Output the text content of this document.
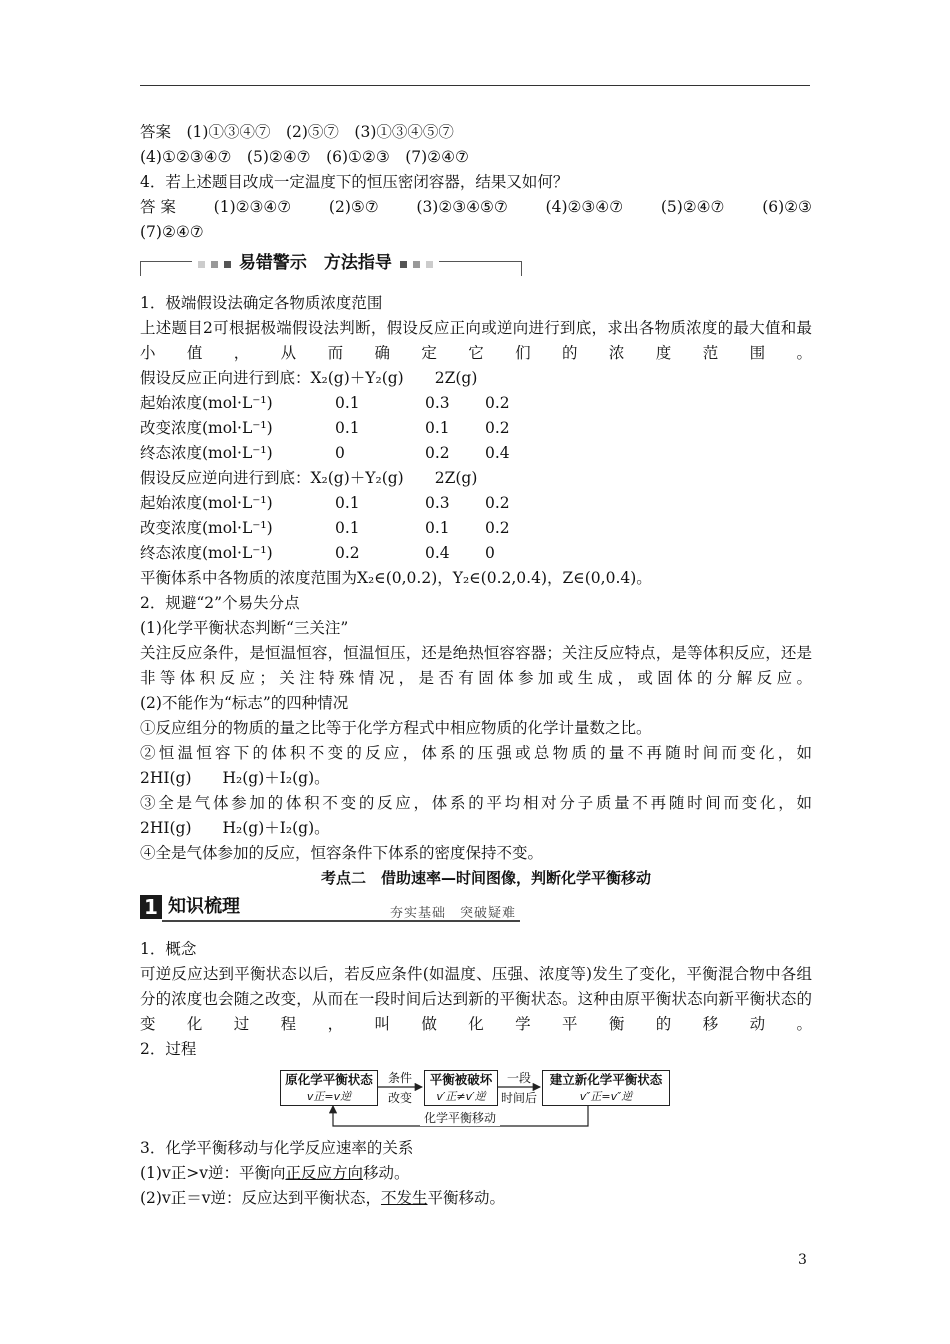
答案　(1)①③④⑦　(2)⑤⑦　(3)①③④⑤⑦
(4)①②③④⑦　(5)②④⑦　(6)①②③　(7)②④⑦
4．若上述题目改成一定温度下的恒压密闭容器，结果又如何？
答 案 (1)②③④⑦ (2)⑤⑦ (3)②③④⑤⑦ (4)②③④⑦ (5)②④⑦ (6)②③
(7)②④⑦

易错警示　方法指导

1．极端假设法确定各物质浓度范围
上述题目2可根据极端假设法判断，假设反应正向或逆向进行到底，求出各物质浓度的最大值和最小值，从而确定它们的浓度范围。
假设反应正向进行到底：X₂(g)＋Y₂(g)　　2Z(g)
起始浓度(mol·L⁻¹)	0.1	0.3 0.2
改变浓度(mol·L⁻¹)	0.1	0.1 0.2
终态浓度(mol·L⁻¹)	0	0.2 0.4
假设反应逆向进行到底：X₂(g)＋Y₂(g)　　2Z(g)
起始浓度(mol·L⁻¹)	0.1	0.3 0.2
改变浓度(mol·L⁻¹)	0.1	0.1 0.2
终态浓度(mol·L⁻¹)	0.2	0.4 0
平衡体系中各物质的浓度范围为X₂∈(0,0.2)，Y₂∈(0.2,0.4)，Z∈(0,0.4)。
2．规避“2”个易失分点
(1)化学平衡状态判断“三关注”
关注反应条件，是恒温恒容，恒温恒压，还是绝热恒容容器；关注反应特点，是等体积反应，还是非等体积反应；关注特殊情况，是否有固体参加或生成，或固体的分解反应。
(2)不能作为“标志”的四种情况
①反应组分的物质的量之比等于化学方程式中相应物质的化学计量数之比。
②恒温恒容下的体积不变的反应，体系的压强或总物质的量不再随时间而变化，如
2HI(g)　　H₂(g)＋I₂(g)。
③全是气体参加的体积不变的反应，体系的平均相对分子质量不再随时间而变化，如
2HI(g)　　H₂(g)＋I₂(g)。
④全是气体参加的反应，恒容条件下体系的密度保持不变。
考点二　借助速率—时间图像，判断化学平衡移动
1 知识梳理	夯实基础　突破疑难
1．概念
可逆反应达到平衡状态以后，若反应条件(如温度、压强、浓度等)发生了变化，平衡混合物中各组分的浓度也会随之改变，从而在一段时间后达到新的平衡状态。这种由原平衡状态向新平衡状态的变化过程，叫做化学平衡的移动。
2．过程
原化学平衡状态
v正=v逆
条件
改变
平衡被破坏
v′正≠v′逆
一段
时间后
建立新化学平衡状态
v″正=v″逆
化学平衡移动
3．化学平衡移动与化学反应速率的关系
(1)v正>v逆：平衡向正反应方向移动。
(2)v正＝v逆：反应达到平衡状态，不发生平衡移动。
3
